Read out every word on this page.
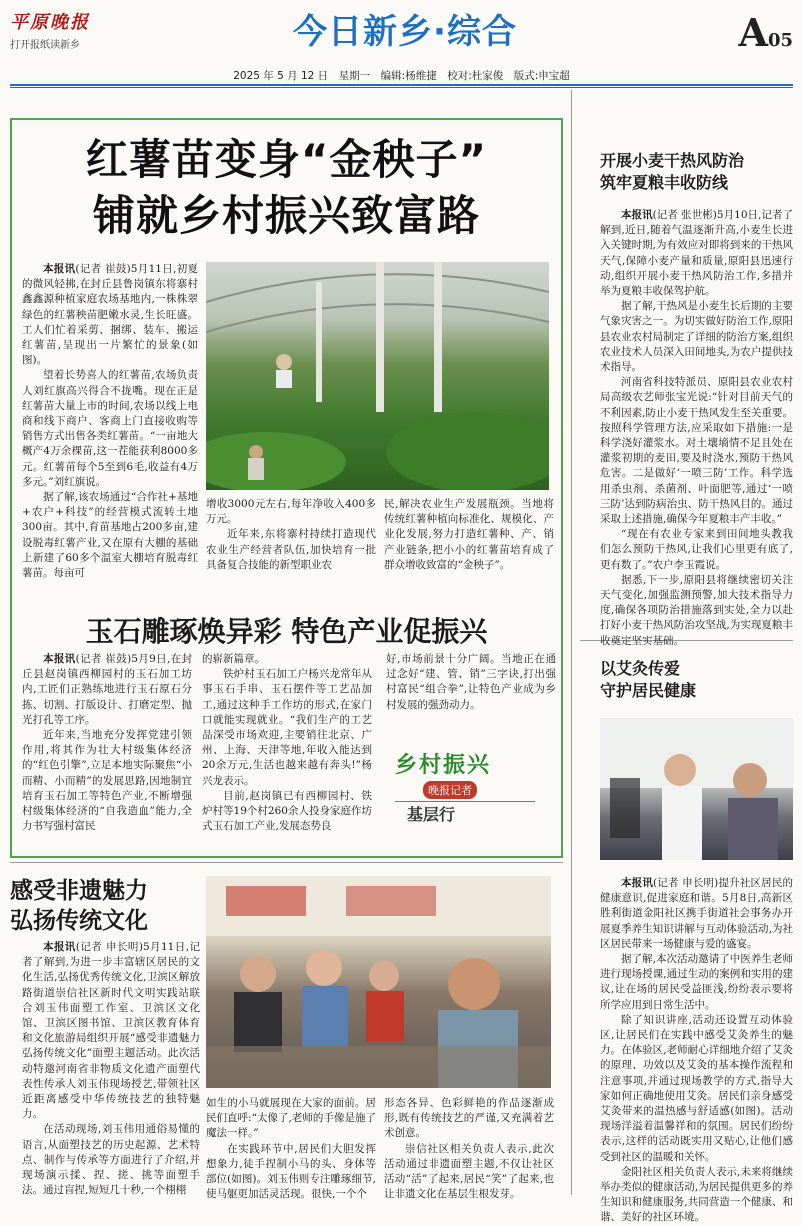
平原晚报
打开报纸读新乡	今日新乡·综合	A05
2025 年 5 月 12 日　星期一　编辑:杨维捷　校对:杜家俊　版式:申宝超
红薯苗变身“金秧子”
铺就乡村振兴致富路

本报讯(记者 崔鼓)5月11日,初夏的微风轻拂,在封丘县鲁岗镇东将寨村鑫鑫源种植家庭农场基地内,一株株翠绿色的红薯秧苗肥嫩水灵,生长旺盛。工人们忙着采剪、捆绑、装车、搬运红薯苗,呈现出一片繁忙的景象(如图)。

望着长势喜人的红薯苗,农场负责人刘红旗高兴得合不拢嘴。现在正是红薯苗大量上市的时间,农场以线上电商和线下商户、客商上门直接收购等销售方式出售各类红薯苗。“一亩地大概产4万余棵苗,这一茬能获利8000多元。红薯苗每个5至到6毛,收益有4万多元。”刘红旗说。

据了解,该农场通过“合作社+基地+农户+科技”的经营模式流转土地300亩。其中,育苗基地占200多亩,建设脱毒红薯产业,又在原有大棚的基础上新建了60多个温室大棚培育脱毒红薯苗。每亩可

增收3000元左右,每年净收入400多万元。

近年来,东将寨村持续打造现代农业生产经营者队伍,加快培育一批具备复合技能的新型职业农

民,解决农业生产发展瓶颈。当地将传统红薯种植向标准化、规模化、产业化发展,努力打造红薯种、产、销产业链条,把小小的红薯苗培育成了群众增收致富的“金秧子”。

玉石雕琢焕异彩 特色产业促振兴

本报讯(记者 崔鼓)5月9日,在封丘县赵岗镇西柳园村的玉石加工坊内,工匠们正熟练地进行玉石原石分拣、切割、打版设计、打磨定型、抛光打孔等工序。

近年来,当地充分发挥党建引领作用,将其作为壮大村级集体经济的“红色引擎”,立足本地实际聚焦“小而精、小而精”的发展思路,因地制宜培育玉石加工等特色产业,不断增强村级集体经济的“自我造血”能力,全力书写强村富民

的崭新篇章。

铁炉村玉石加工户杨兴龙常年从事玉石手串、玉石摆件等工艺品加工,通过这种手工作坊的形式,在家门口就能实现就业。“我们生产的工艺品深受市场欢迎,主要销往北京、广州、上海、天津等地,年收入能达到20余万元,生活也越来越有奔头!”杨兴龙表示。

目前,赵岗镇已有西柳园村、铁炉村等19个村260余人投身家庭作坊式玉石加工产业,发展态势良

好,市场前景十分广阔。当地正在通过念好“建、管、销”三字诀,打出强村富民“组合拳”,让特色产业成为乡村发展的强劲动力。

乡村振兴
晚报记者
基层行
感受非遗魅力
弘扬传统文化

本报讯(记者 申长明)5月11日,记者了解到,为进一步丰富辖区居民的文化生活,弘扬优秀传统文化,卫滨区解放路街道崇信社区新时代文明实践站联合刘玉伟面塑工作室、卫滨区文化馆、卫滨区图书馆、卫滨区教育体育和文化旅游局组织开展“感受非遗魅力 弘扬传统文化”面塑主题活动。此次活动特邀河南省非物质文化遗产面塑代表性传承人刘玉伟现场授艺,带领社区近距离感受中华传统技艺的独特魅力。

在活动现场,刘玉伟用通俗易懂的语言,从面塑技艺的历史起源、艺术特点、制作与传承等方面进行了介绍,并现场演示揉、捏、搓、挑等面塑手法。通过盲捏,短短几十秒,一个栩栩

如生的小马就展现在大家的面前。居民们直呼:“太像了,老师的手像是施了魔法一样。”

在实践环节中,居民们大胆发挥想象力,徒手捏制小马的头、身体等部位(如图)。刘玉伟则专注雕琢细节,使马躯更加活灵活现。很快,一个个

形态各异、色彩鲜艳的作品逐渐成形,既有传统技艺的严谨,又充满着艺术创意。

崇信社区相关负责人表示,此次活动通过非遗面塑主题,不仅让社区活动“活”了起来,居民“笑”了起来,也让非遗文化在基层生根发芽。

开展小麦干热风防治
筑牢夏粮丰收防线

本报讯(记者 张世彬)5月10日,记者了解到,近日,随着气温逐渐升高,小麦生长进入关键时期,为有效应对即将到来的干热风天气,保障小麦产量和质量,原阳县迅速行动,组织开展小麦干热风防治工作,多措并举为夏粮丰收保驾护航。

据了解,干热风是小麦生长后期的主要气象灾害之一。为切实做好防治工作,原阳县农业农村局制定了详细的防治方案,组织农业技术人员深入田间地头,为农户提供技术指导。

河南省科技特派员、原阳县农业农村局高级农艺师张宝光说:“针对目前天气的不利因素,防止小麦干热风发生至关重要。按照科学管理方法,应采取如下措施:一是科学浇好灌浆水。对土壤墒情不足且处在灌浆初期的麦田,要及时浇水,预防干热风危害。二是做好‘一喷三防’工作。科学选用杀虫剂、杀菌剂、叶面肥等,通过‘一喷三防’达到防病治虫、防干热风目的。通过采取上述措施,确保今年夏粮丰产丰收。”

“现在有农业专家来到田间地头教我们怎么预防干热风,让我们心里更有底了,更有数了。”农户李玉霞说。

据悉,下一步,原阳县将继续密切关注天气变化,加强监测预警,加大技术指导力度,确保各项防治措施落到实处,全力以赴打好小麦干热风防治攻坚战,为实现夏粮丰收奠定坚实基础。

以艾灸传爱
守护居民健康

本报讯(记者 申长明)提升社区居民的健康意识,促进家庭和谐。5月8日,高新区胜利街道金阳社区携手街道社会事务办开展夏季养生知识讲解与互动体验活动,为社区居民带来一场健康与爱的盛宴。

据了解,本次活动邀请了中医养生老师进行现场授课,通过生动的案例和实用的建议,让在场的居民受益匪浅,纷纷表示要将所学应用到日常生活中。

除了知识讲座,活动还设置互动体验区,让居民们在实践中感受艾灸养生的魅力。在体验区,老师耐心详细地介绍了艾灸的原理、功效以及艾灸的基本操作流程和注意事项,并通过现场教学的方式,指导大家如何正确地使用艾灸。居民们亲身感受艾灸带来的温热感与舒适感(如图)。活动现场洋溢着温馨祥和的氛围。居民们纷纷表示,这样的活动既实用又贴心,让他们感受到社区的温暖和关怀。

金阳社区相关负责人表示,未来将继续举办类似的健康活动,为居民提供更多的养生知识和健康服务,共同营造一个健康、和谐、美好的社区环境。
